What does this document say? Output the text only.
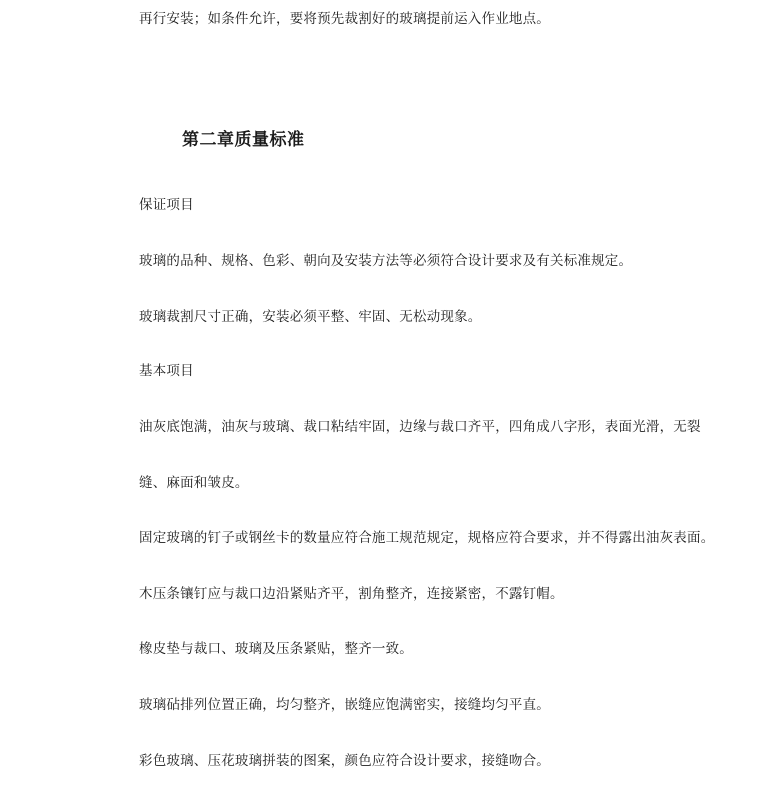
再行安装；如条件允许，要将预先裁割好的玻璃提前运入作业地点。
第二章质量标准
保证项目
玻璃的品种、规格、色彩、朝向及安装方法等必须符合设计要求及有关标准规定。
玻璃裁割尺寸正确，安装必须平整、牢固、无松动现象。
基本项目
油灰底饱满，油灰与玻璃、裁口粘结牢固，边缘与裁口齐平，四角成八字形，表面光滑，无裂
缝、麻面和皱皮。
固定玻璃的钉子或钢丝卡的数量应符合施工规范规定，规格应符合要求，并不得露出油灰表面。
木压条镶钉应与裁口边沿紧贴齐平，割角整齐，连接紧密，不露钉帽。
橡皮垫与裁口、玻璃及压条紧贴，整齐一致。
玻璃砧排列位置正确，均匀整齐，嵌缝应饱满密实，接缝均匀平直。
彩色玻璃、压花玻璃拼装的图案，颜色应符合设计要求，接缝吻合。
